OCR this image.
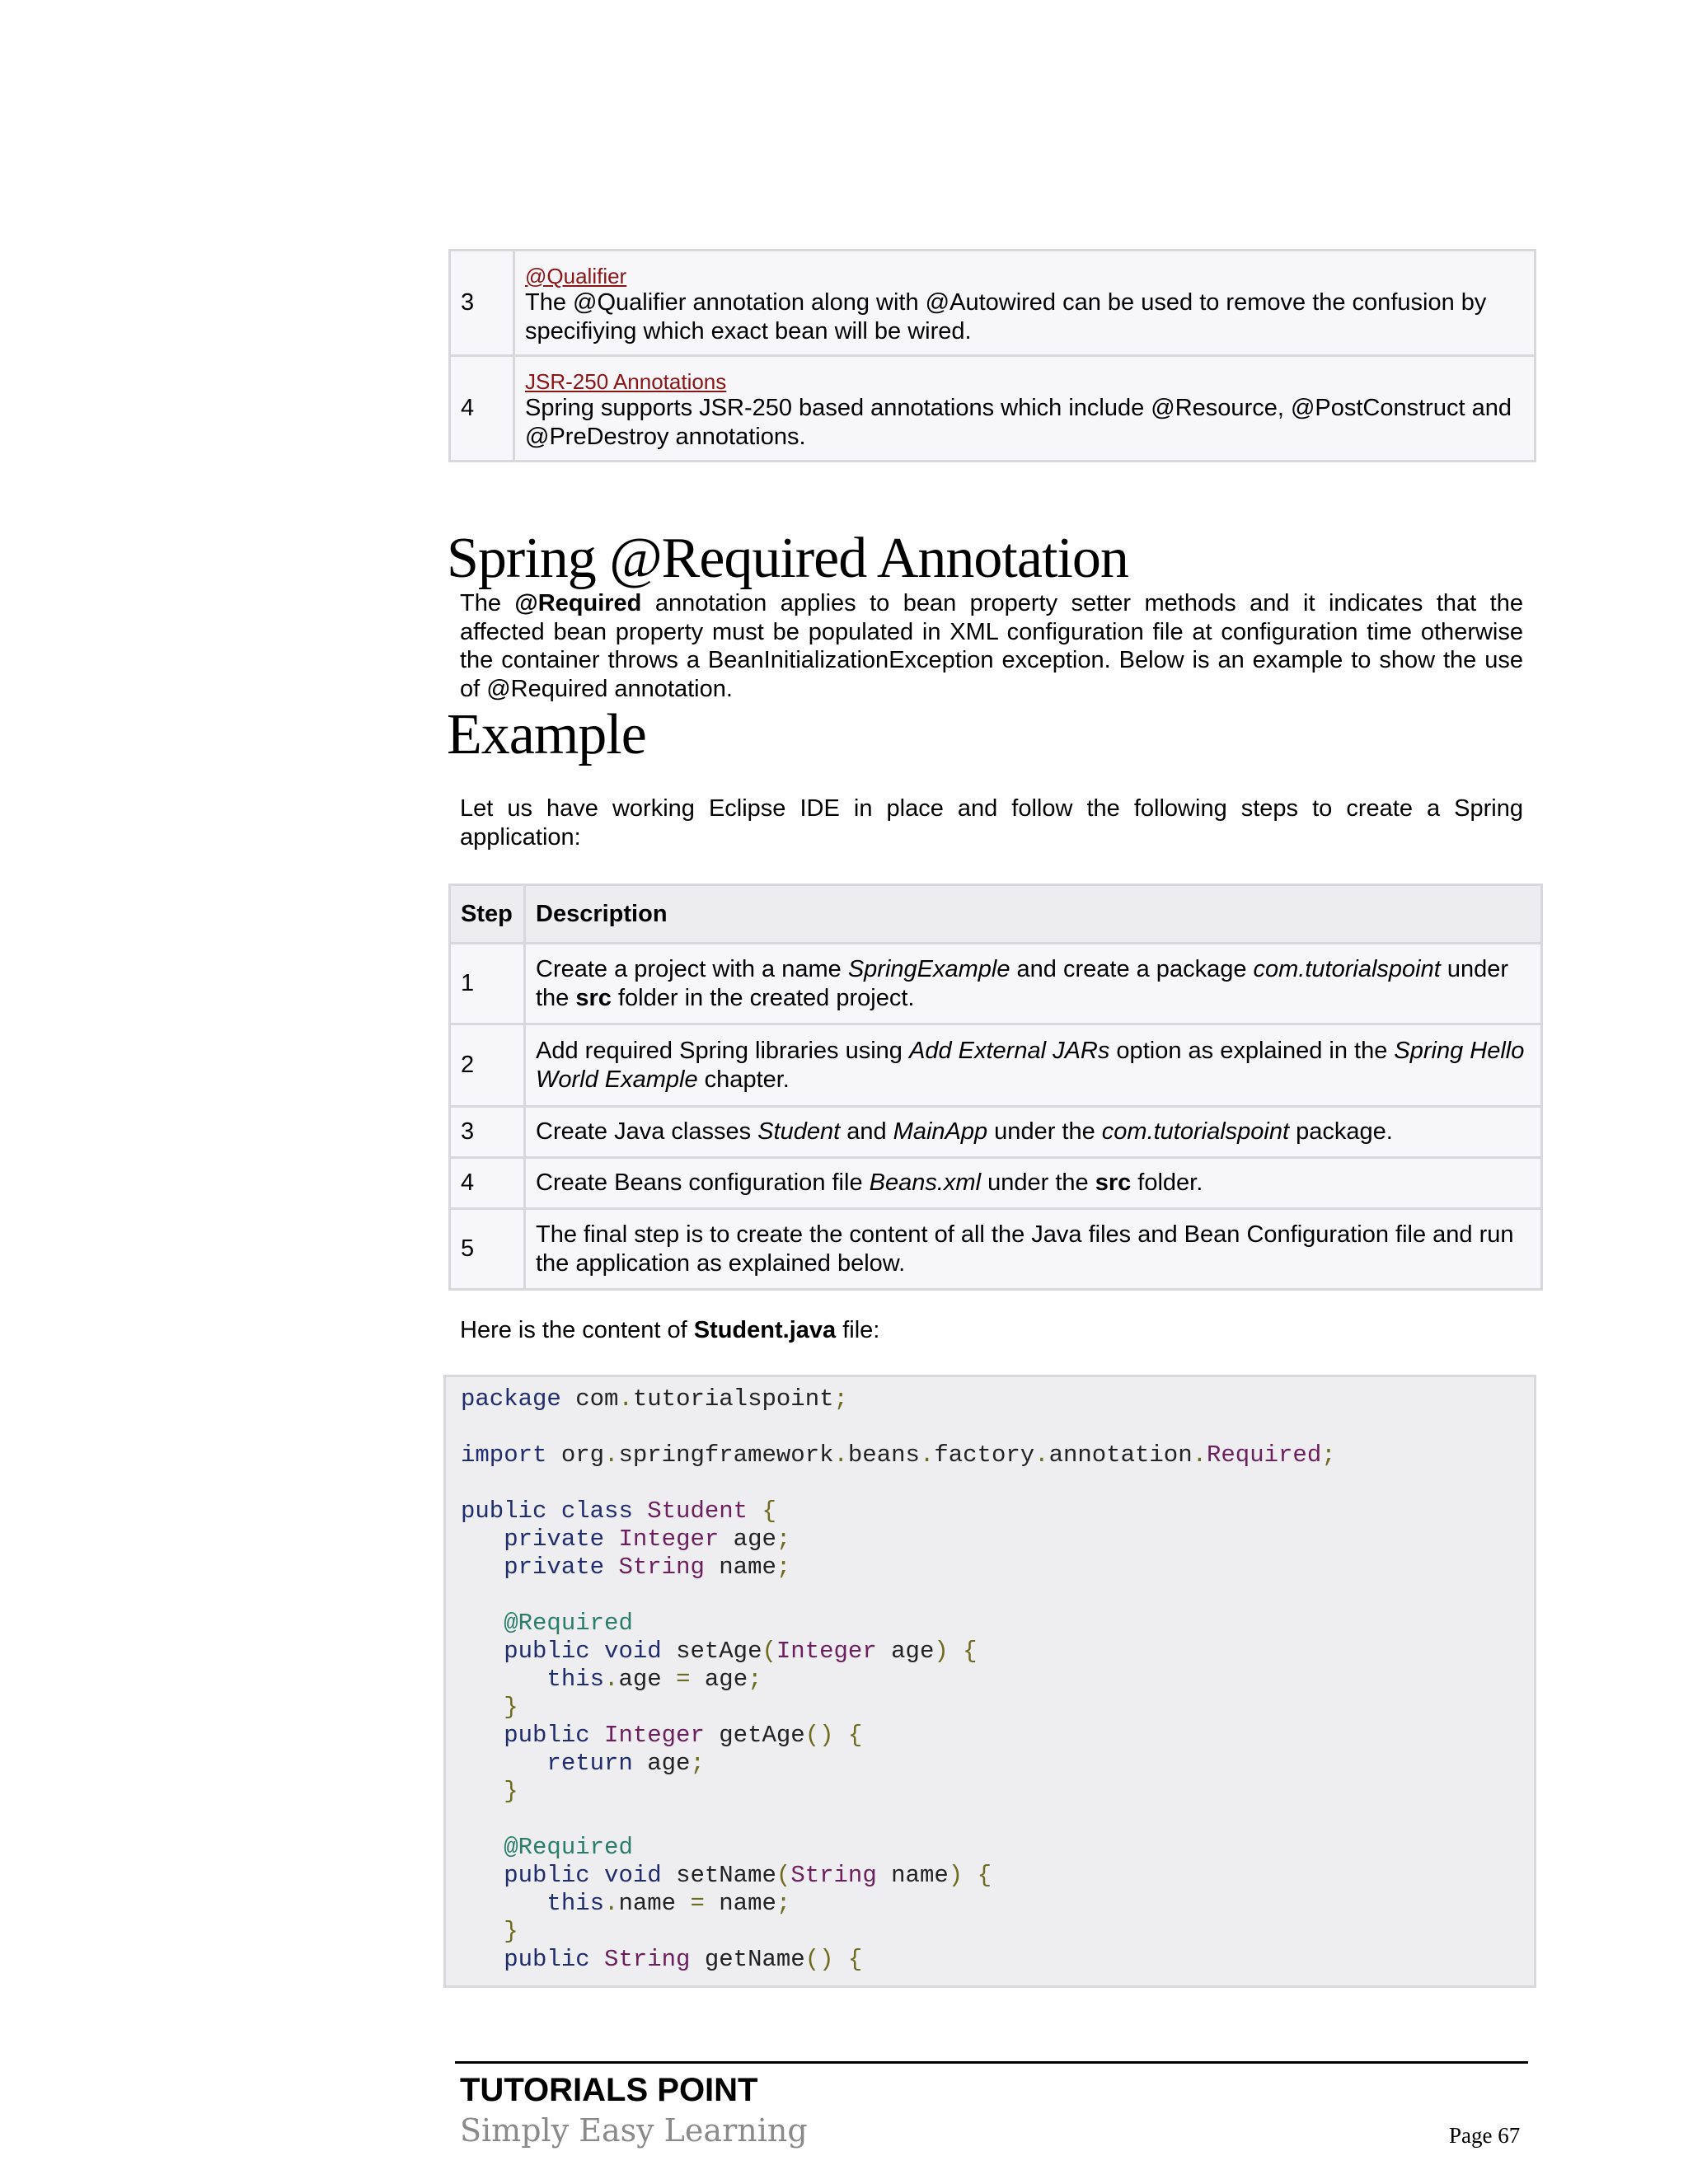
3	@Qualifier
The @Qualifier annotation along with @Autowired can be used to remove the confusion by specifiying which exact bean will be wired.
4	JSR-250 Annotations
Spring supports JSR-250 based annotations which include @Resource, @PostConstruct and @PreDestroy annotations.
Spring @Required Annotation

The @Required annotation applies to bean property setter methods and it indicates that the affected bean property must be populated in XML configuration file at configuration time otherwise the container throws a BeanInitializationException exception. Below is an example to show the use of @Required annotation.

Example

Let us have working Eclipse IDE in place and follow the following steps to create a Spring application:

Step	Description
1	Create a project with a name SpringExample and create a package com.tutorialspoint under the src folder in the created project.
2	Add required Spring libraries using Add External JARs option as explained in the Spring Hello World Example chapter.
3	Create Java classes Student and MainApp under the com.tutorialspoint package.
4	Create Beans configuration file Beans.xml under the src folder.
5	The final step is to create the content of all the Java files and Bean Configuration file and run the application as explained below.

Here is the content of Student.java file:

package com.tutorialspoint;

import org.springframework.beans.factory.annotation.Required;

public class Student {
private Integer age;
private String name;

@Required
public void setAge(Integer age) {
this.age = age;
}
public Integer getAge() {
return age;
}

@Required
public void setName(String name) {
this.name = name;
}
public String getName() {
TUTORIALS POINT
Simply Easy Learning	Page 67
